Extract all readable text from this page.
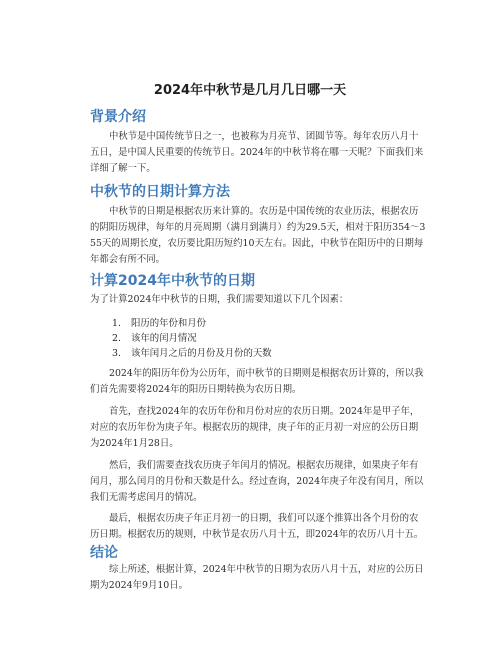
2024年中秋节是几月几日哪一天
背景介绍

中秋节是中国传统节日之一，也被称为月亮节、团圆节等。每年农历八月十五日，是中国人民重要的传统节日。2024年的中秋节将在哪一天呢？下面我们来详细了解一下。

中秋节的日期计算方法

中秋节的日期是根据农历来计算的。农历是中国传统的农业历法，根据农历的阴阳历规律，每年的月亮周期（满月到满月）约为29.5天，相对于阳历354～355天的周期长度，农历要比阳历短约10天左右。因此，中秋节在阳历中的日期每年都会有所不同。

计算2024年中秋节的日期

为了计算2024年中秋节的日期，我们需要知道以下几个因素：

1. 阳历的年份和月份
2. 该年的闰月情况
3. 该年闰月之后的月份及月份的天数

2024年的阳历年份为公历年，而中秋节的日期则是根据农历计算的，所以我们首先需要将2024年的阳历日期转换为农历日期。

首先，查找2024年的农历年份和月份对应的农历日期。2024年是甲子年，对应的农历年份为庚子年。根据农历的规律，庚子年的正月初一对应的公历日期为2024年1月28日。

然后，我们需要查找农历庚子年闰月的情况。根据农历规律，如果庚子年有闰月，那么闰月的月份和天数是什么。经过查询，2024年庚子年没有闰月，所以我们无需考虑闰月的情况。

最后，根据农历庚子年正月初一的日期，我们可以逐个推算出各个月份的农历日期。根据农历的规则，中秋节是农历八月十五，即2024年的农历八月十五。

结论

综上所述，根据计算，2024年中秋节的日期为农历八月十五，对应的公历日期为2024年9月10日。
